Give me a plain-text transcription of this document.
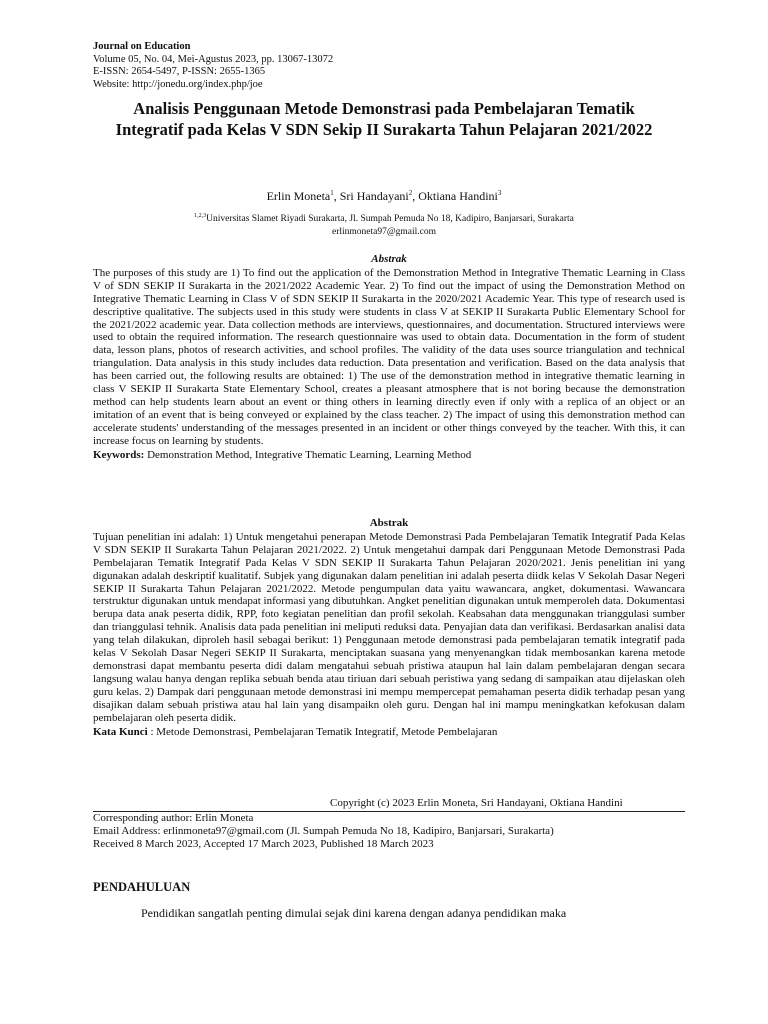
Journal on Education
Volume 05, No. 04, Mei-Agustus 2023, pp. 13067-13072
E-ISSN: 2654-5497, P-ISSN: 2655-1365
Website: http://jonedu.org/index.php/joe
Analisis Penggunaan Metode Demonstrasi pada Pembelajaran Tematik Integratif pada Kelas V SDN Sekip II Surakarta Tahun Pelajaran 2021/2022
Erlin Moneta$^1$, Sri Handayani$^2$, Oktiana Handini$^3$
$^{1,2,3}$Universitas Slamet Riyadi Surakarta, Jl. Sumpah Pemuda No 18, Kadipiro, Banjarsari, Surakarta
erlinmoneta97@gmail.com
Abstrak
The purposes of this study are 1) To find out the application of the Demonstration Method in Integrative Thematic Learning in Class V of SDN SEKIP II Surakarta in the 2021/2022 Academic Year. 2) To find out the impact of using the Demonstration Method on Integrative Thematic Learning in Class V of SDN SEKIP II Surakarta in the 2020/2021 Academic Year. This type of research used is descriptive qualitative. The subjects used in this study were students in class V at SEKIP II Surakarta Public Elementary School for the 2021/2022 academic year. Data collection methods are interviews, questionnaires, and documentation. Structured interviews were used to obtain the required information. The research questionnaire was used to obtain data. Documentation in the form of student data, lesson plans, photos of research activities, and school profiles. The validity of the data uses source triangulation and technical triangulation. Data analysis in this study includes data reduction. Data presentation and verification. Based on the data analysis that has been carried out, the following results are obtained: 1) The use of the demonstration method in integrative thematic learning in class V SEKIP II Surakarta State Elementary School, creates a pleasant atmosphere that is not boring because the demonstration method can help students learn about an event or thing others in learning directly even if only with a replica of an object or an imitation of an event that is being conveyed or explained by the class teacher. 2) The impact of using this demonstration method can accelerate students' understanding of the messages presented in an incident or other things conveyed by the teacher. With this, it can increase focus on learning by students.
Keywords: Demonstration Method, Integrative Thematic Learning, Learning Method
Abstrak
Tujuan penelitian ini adalah: 1) Untuk mengetahui penerapan Metode Demonstrasi Pada Pembelajaran Tematik Integratif Pada Kelas V SDN SEKIP II Surakarta Tahun Pelajaran 2021/2022. 2) Untuk mengetahui dampak dari Penggunaan Metode Demonstrasi Pada Pembelajaran Tematik Integratif Pada Kelas V SDN SEKIP II Surakarta Tahun Pelajaran 2020/2021. Jenis penelitian ini yang digunakan adalah deskriptif kualitatif. Subjek yang digunakan dalam penelitian ini adalah peserta diidk kelas V Sekolah Dasar Negeri SEKIP II Surakarta Tahun Pelajaran 2021/2022. Metode pengumpulan data yaitu wawancara, angket, dokumentasi. Wawancara terstruktur digunakan untuk mendapat informasi yang dibutuhkan. Angket penelitian digunakan untuk memperoleh data. Dokumentasi berupa data anak peserta didik, RPP, foto kegiatan penelitian dan profil sekolah. Keabsahan data menggunakan trianggulasi sumber dan trianggulasi tehnik. Analisis data pada penelitian ini meliputi reduksi data. Penyajian data dan verifikasi. Berdasarkan analisi data yang telah dilakukan, diproleh hasil sebagai berikut: 1) Penggunaan metode demonstrasi pada pembelajaran tematik integratif pada kelas V Sekolah Dasar Negeri SEKIP II Surakarta, menciptakan suasana yang menyenangkan tidak membosankan karena metode demonstrasi dapat membantu peserta didi dalam mengatahui sebuah pristiwa ataupun hal lain dalam pembelajaran dengan secara langsung walau hanya dengan replika sebuah benda atau tiriuan dari sebuah peristiwa yang sedang di sampaikan atau dijelaskan oleh guru kelas. 2) Dampak dari penggunaan metode demonstrasi ini mempu mempercepat pemahaman peserta didik terhadap pesan yang disajikan dalam sebuah pristiwa atau hal lain yang disampaikn oleh guru. Dengan hal ini mampu meningkatkan kefokusan dalam pembelajaran oleh peserta didik.
Kata Kunci : Metode Demonstrasi, Pembelajaran Tematik Integratif, Metode Pembelajaran
Copyright (c) 2023 Erlin Moneta, Sri Handayani, Oktiana Handini
Corresponding author: Erlin Moneta
Email Address: erlinmoneta97@gmail.com (Jl. Sumpah Pemuda No 18, Kadipiro, Banjarsari, Surakarta)
Received 8 March 2023, Accepted 17 March 2023, Published 18 March 2023
PENDAHULUAN
Pendidikan sangatlah penting dimulai sejak dini karena dengan adanya pendidikan maka
